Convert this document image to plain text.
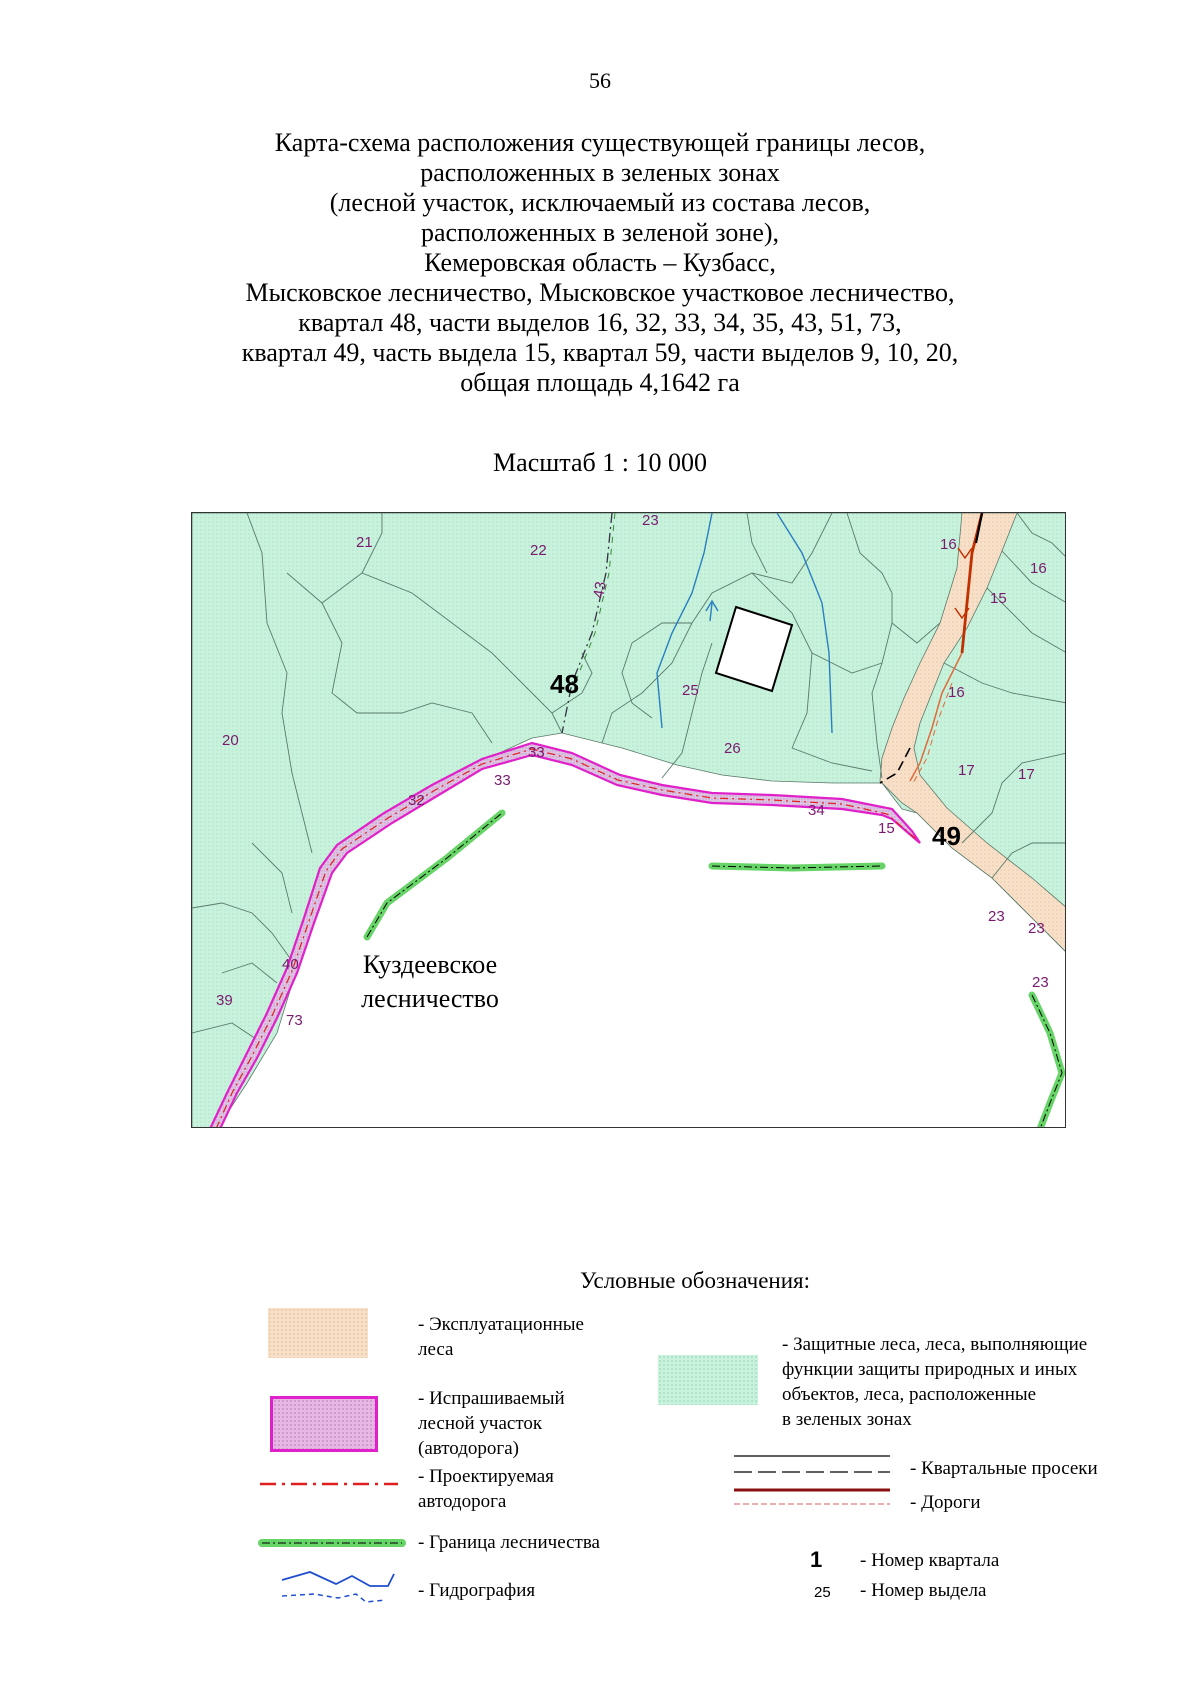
56
Карта-схема расположения существующей границы лесов,
расположенных в зеленых зонах
(лесной участок, исключаемый из состава лесов,
расположенных в зеленой зоне),
Кемеровская область – Кузбасс,
Мысковское лесничество, Мысковское участковое лесничество,
квартал 48, части выделов 16, 32, 33, 34, 35, 43, 51, 73,
квартал 49, часть выдела 15, квартал 59, части выделов 9, 10, 20,
общая площадь 4,1642 га
Масштаб 1 : 10 000
23
21	22
43
16
16
15
25	16
20	26
33
33
17	17
32
34
15
23
23
40
23
39
73
48
49
Куздеевское
лесничество
Условные обозначения:
- Эксплуатационные
леса
- Испрашиваемый
лесной участок
(автодорога)
- Проектируемая
автодорога
- Граница лесничества
- Гидрография
- Защитные леса, леса, выполняющие
функции защиты природных и иных
объектов, леса, расположенные
в зеленых зонах
- Квартальные просеки
- Дороги
1 - Номер квартала
25 - Номер выдела
